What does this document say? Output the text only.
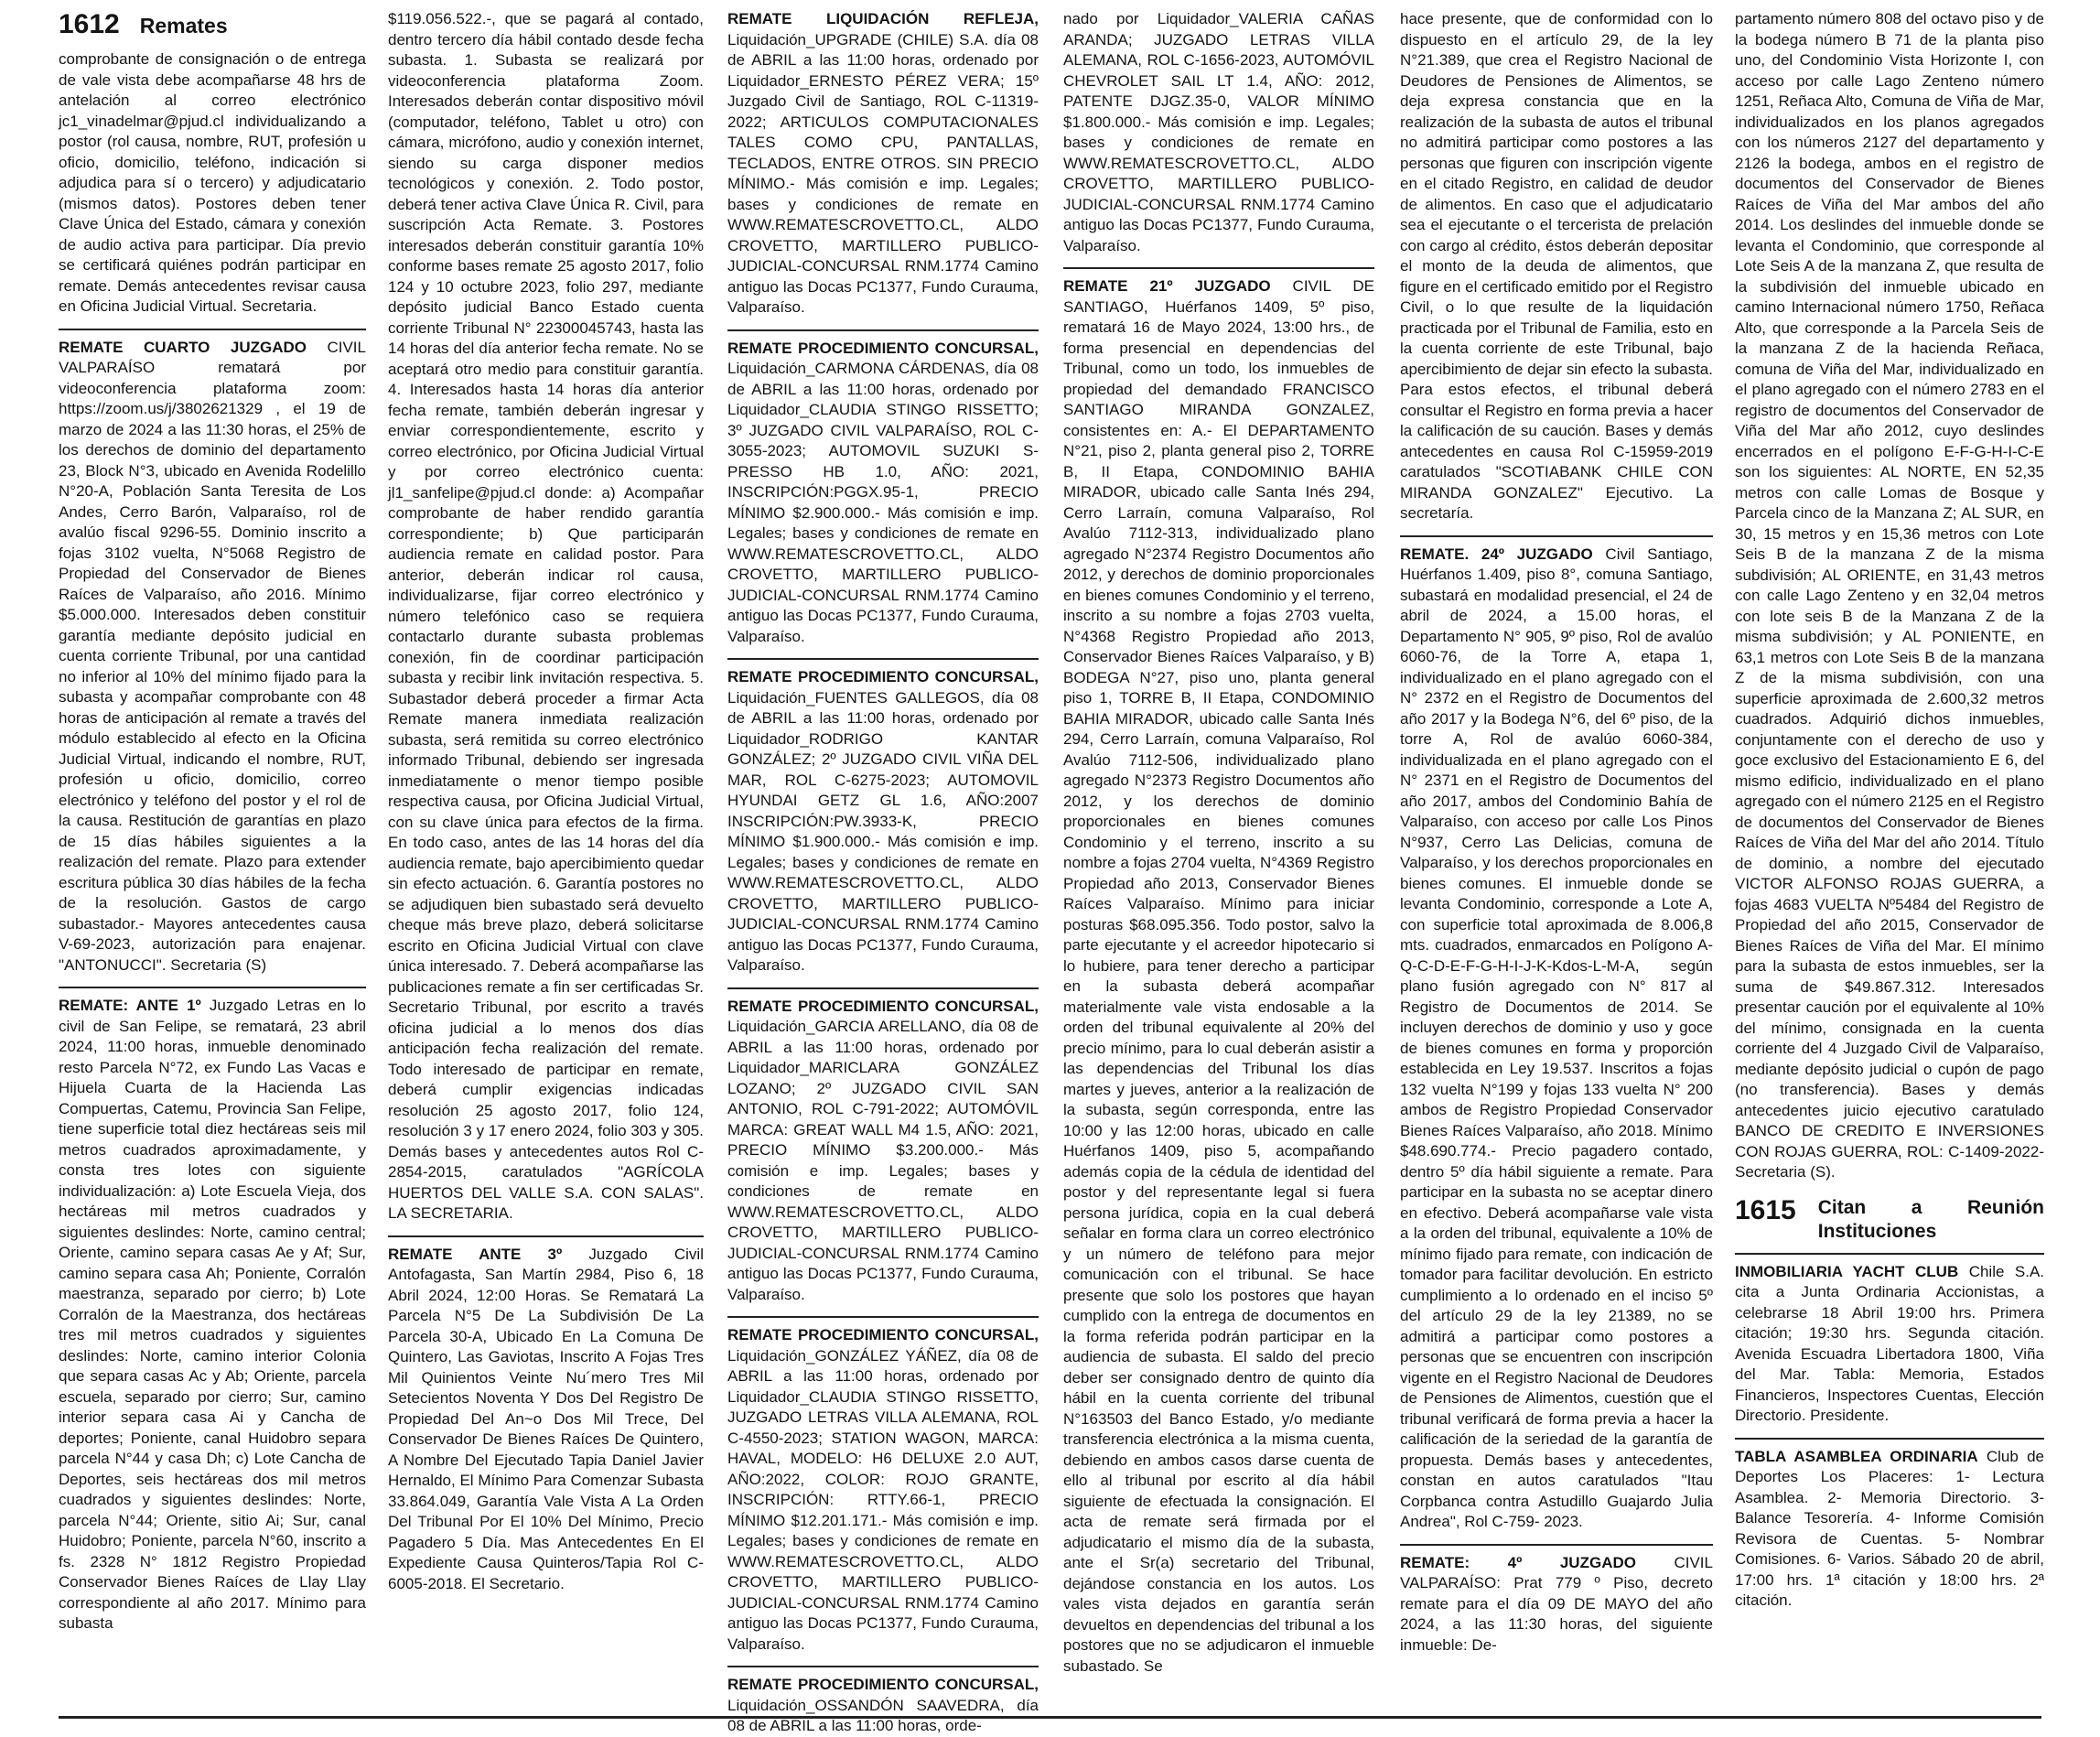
1612 Remates

comprobante de consignación o de entrega de vale vista debe acompañarse 48 hrs de antelación al correo electrónico jc1_vinadelmar@pjud.cl individualizando a postor (rol causa, nombre, RUT, profesión u oficio, domicilio, teléfono, indicación si adjudica para sí o tercero) y adjudicatario (mismos datos). Postores deben tener Clave Única del Estado, cámara y conexión de audio activa para participar. Día previo se certificará quiénes podrán participar en remate. Demás antecedentes revisar causa en Oficina Judicial Virtual. Secretaria.

REMATE CUARTO JUZGADO CIVIL VALPARAÍSO rematará por videoconferencia plataforma zoom: https://zoom.us/j/3802621329 , el 19 de marzo de 2024 a las 11:30 horas, el 25% de los derechos de dominio del departamento 23, Block N°3, ubicado en Avenida Rodelillo N°20-A, Población Santa Teresita de Los Andes, Cerro Barón, Valparaíso, rol de avalúo fiscal 9296-55. Dominio inscrito a fojas 3102 vuelta, N°5068 Registro de Propiedad del Conservador de Bienes Raíces de Valparaíso, año 2016. Mínimo $5.000.000. Interesados deben constituir garantía mediante depósito judicial en cuenta corriente Tribunal, por una cantidad no inferior al 10% del mínimo fijado para la subasta y acompañar comprobante con 48 horas de anticipación al remate a través del módulo establecido al efecto en la Oficina Judicial Virtual, indicando el nombre, RUT, profesión u oficio, domicilio, correo electrónico y teléfono del postor y el rol de la causa. Restitución de garantías en plazo de 15 días hábiles siguientes a la realización del remate. Plazo para extender escritura pública 30 días hábiles de la fecha de la resolución. Gastos de cargo subastador.- Mayores antecedentes causa V-69-2023, autorización para enajenar. "ANTONUCCI". Secretaria (S)

REMATE: ANTE 1º Juzgado Letras en lo civil de San Felipe, se rematará, 23 abril 2024, 11:00 horas, inmueble denominado resto Parcela N°72, ex Fundo Las Vacas e Hijuela Cuarta de la Hacienda Las Compuertas, Catemu, Provincia San Felipe, tiene superficie total diez hectáreas seis mil metros cuadrados aproximadamente, y consta tres lotes con siguiente individualización: a) Lote Escuela Vieja, dos hectáreas mil metros cuadrados y siguientes deslindes: Norte, camino central; Oriente, camino separa casas Ae y Af; Sur, camino separa casa Ah; Poniente, Corralón maestranza, separado por cierro; b) Lote Corralón de la Maestranza, dos hectáreas tres mil metros cuadrados y siguientes deslindes: Norte, camino interior Colonia que separa casas Ac y Ab; Oriente, parcela escuela, separado por cierro; Sur, camino interior separa casa Ai y Cancha de deportes; Poniente, canal Huidobro separa parcela N°44 y casa Dh; c) Lote Cancha de Deportes, seis hectáreas dos mil metros cuadrados y siguientes deslindes: Norte, parcela N°44; Oriente, sitio Ai; Sur, canal Huidobro; Poniente, parcela N°60, inscrito a fs. 2328 N° 1812 Registro Propiedad Conservador Bienes Raíces de Llay Llay correspondiente al año 2017. Mínimo para subasta

$119.056.522.-, que se pagará al contado, dentro tercero día hábil contado desde fecha subasta. 1. Subasta se realizará por videoconferencia plataforma Zoom. Interesados deberán contar dispositivo móvil (computador, teléfono, Tablet u otro) con cámara, micrófono, audio y conexión internet, siendo su carga disponer medios tecnológicos y conexión. 2. Todo postor, deberá tener activa Clave Única R. Civil, para suscripción Acta Remate. 3. Postores interesados deberán constituir garantía 10% conforme bases remate 25 agosto 2017, folio 124 y 10 octubre 2023, folio 297, mediante depósito judicial Banco Estado cuenta corriente Tribunal N° 22300045743, hasta las 14 horas del día anterior fecha remate. No se aceptará otro medio para constituir garantía. 4. Interesados hasta 14 horas día anterior fecha remate, también deberán ingresar y enviar correspondientemente, escrito y correo electrónico, por Oficina Judicial Virtual y por correo electrónico cuenta: jl1_sanfelipe@pjud.cl donde: a) Acompañar comprobante de haber rendido garantía correspondiente; b) Que participarán audiencia remate en calidad postor. Para anterior, deberán indicar rol causa, individualizarse, fijar correo electrónico y número telefónico caso se requiera contactarlo durante subasta problemas conexión, fin de coordinar participación subasta y recibir link invitación respectiva. 5. Subastador deberá proceder a firmar Acta Remate manera inmediata realización subasta, será remitida su correo electrónico informado Tribunal, debiendo ser ingresada inmediatamente o menor tiempo posible respectiva causa, por Oficina Judicial Virtual, con su clave única para efectos de la firma. En todo caso, antes de las 14 horas del día audiencia remate, bajo apercibimiento quedar sin efecto actuación. 6. Garantía postores no se adjudiquen bien subastado será devuelto cheque más breve plazo, deberá solicitarse escrito en Oficina Judicial Virtual con clave única interesado. 7. Deberá acompañarse las publicaciones remate a fin ser certificadas Sr. Secretario Tribunal, por escrito a través oficina judicial a lo menos dos días anticipación fecha realización del remate. Todo interesado de participar en remate, deberá cumplir exigencias indicadas resolución 25 agosto 2017, folio 124, resolución 3 y 17 enero 2024, folio 303 y 305. Demás bases y antecedentes autos Rol C-2854-2015, caratulados "AGRÍCOLA HUERTOS DEL VALLE S.A. CON SALAS". LA SECRETARIA.

REMATE ANTE 3º Juzgado Civil Antofagasta, San Martín 2984, Piso 6, 18 Abril 2024, 12:00 Horas. Se Rematará La Parcela N°5 De La Subdivisión De La Parcela 30-A, Ubicado En La Comuna De Quintero, Las Gaviotas, Inscrito A Fojas Tres Mil Quinientos Veinte Nu´mero Tres Mil Setecientos Noventa Y Dos Del Registro De Propiedad Del An~o Dos Mil Trece, Del Conservador De Bienes Raíces De Quintero, A Nombre Del Ejecutado Tapia Daniel Javier Hernaldo, El Mínimo Para Comenzar Subasta 33.864.049, Garantía Vale Vista A La Orden Del Tribunal Por El 10% Del Mínimo, Precio Pagadero 5 Día. Mas Antecedentes En El Expediente Causa Quinteros/Tapia Rol C-6005-2018. El Secretario.

REMATE LIQUIDACIÓN REFLEJA, Liquidación_UPGRADE (CHILE) S.A. día 08 de ABRIL a las 11:00 horas, ordenado por Liquidador_ERNESTO PÉREZ VERA; 15º Juzgado Civil de Santiago, ROL C-11319-2022; ARTICULOS COMPUTACIONALES TALES COMO CPU, PANTALLAS, TECLADOS, ENTRE OTROS. SIN PRECIO MÍNIMO.- Más comisión e imp. Legales; bases y condiciones de remate en WWW.REMATESCROVETTO.CL, ALDO CROVETTO, MARTILLERO PUBLICO-JUDICIAL-CONCURSAL RNM.1774 Camino antiguo las Docas PC1377, Fundo Curauma, Valparaíso.

REMATE PROCEDIMIENTO CONCURSAL, Liquidación_CARMONA CÁRDENAS, día 08 de ABRIL a las 11:00 horas, ordenado por Liquidador_CLAUDIA STINGO RISSETTO; 3º JUZGADO CIVIL VALPARAÍSO, ROL C-3055-2023; AUTOMOVIL SUZUKI S-PRESSO HB 1.0, AÑO: 2021, INSCRIPCIÓN:PGGX.95-1, PRECIO MÍNIMO $2.900.000.- Más comisión e imp. Legales; bases y condiciones de remate en WWW.REMATESCROVETTO.CL, ALDO CROVETTO, MARTILLERO PUBLICO-JUDICIAL-CONCURSAL RNM.1774 Camino antiguo las Docas PC1377, Fundo Curauma, Valparaíso.

REMATE PROCEDIMIENTO CONCURSAL, Liquidación_FUENTES GALLEGOS, día 08 de ABRIL a las 11:00 horas, ordenado por Liquidador_RODRIGO KANTAR GONZÁLEZ; 2º JUZGADO CIVIL VIÑA DEL MAR, ROL C-6275-2023; AUTOMOVIL HYUNDAI GETZ GL 1.6, AÑO:2007 INSCRIPCIÓN:PW.3933-K, PRECIO MÍNIMO $1.900.000.- Más comisión e imp. Legales; bases y condiciones de remate en WWW.REMATESCROVETTO.CL, ALDO CROVETTO, MARTILLERO PUBLICO-JUDICIAL-CONCURSAL RNM.1774 Camino antiguo las Docas PC1377, Fundo Curauma, Valparaíso.

REMATE PROCEDIMIENTO CONCURSAL, Liquidación_GARCIA ARELLANO, día 08 de ABRIL a las 11:00 horas, ordenado por Liquidador_MARICLARA GONZÁLEZ LOZANO; 2º JUZGADO CIVIL SAN ANTONIO, ROL C-791-2022; AUTOMÓVIL MARCA: GREAT WALL M4 1.5, AÑO: 2021, PRECIO MÍNIMO $3.200.000.- Más comisión e imp. Legales; bases y condiciones de remate en WWW.REMATESCROVETTO.CL, ALDO CROVETTO, MARTILLERO PUBLICO-JUDICIAL-CONCURSAL RNM.1774 Camino antiguo las Docas PC1377, Fundo Curauma, Valparaíso.

REMATE PROCEDIMIENTO CONCURSAL, Liquidación_GONZÁLEZ YÁÑEZ, día 08 de ABRIL a las 11:00 horas, ordenado por Liquidador_CLAUDIA STINGO RISSETTO, JUZGADO LETRAS VILLA ALEMANA, ROL C-4550-2023; STATION WAGON, MARCA: HAVAL, MODELO: H6 DELUXE 2.0 AUT, AÑO:2022, COLOR: ROJO GRANTE, INSCRIPCIÓN: RTTY.66-1, PRECIO MÍNIMO $12.201.171.- Más comisión e imp. Legales; bases y condiciones de remate en WWW.REMATESCROVETTO.CL, ALDO CROVETTO, MARTILLERO PUBLICO-JUDICIAL-CONCURSAL RNM.1774 Camino antiguo las Docas PC1377, Fundo Curauma, Valparaíso.

REMATE PROCEDIMIENTO CONCURSAL, Liquidación_OSSANDÓN SAAVEDRA, día 08 de ABRIL a las 11:00 horas, orde-

nado por Liquidador_VALERIA CAÑAS ARANDA; JUZGADO LETRAS VILLA ALEMANA, ROL C-1656-2023, AUTOMÓVIL CHEVROLET SAIL LT 1.4, AÑO: 2012, PATENTE DJGZ.35-0, VALOR MÍNIMO $1.800.000.- Más comisión e imp. Legales; bases y condiciones de remate en WWW.REMATESCROVETTO.CL, ALDO CROVETTO, MARTILLERO PUBLICO-JUDICIAL-CONCURSAL RNM.1774 Camino antiguo las Docas PC1377, Fundo Curauma, Valparaíso.

REMATE 21º JUZGADO CIVIL DE SANTIAGO, Huérfanos 1409, 5º piso, rematará 16 de Mayo 2024, 13:00 hrs., de forma presencial en dependencias del Tribunal, como un todo, los inmuebles de propiedad del demandado FRANCISCO SANTIAGO MIRANDA GONZALEZ, consistentes en: A.- El DEPARTAMENTO N°21, piso 2, planta general piso 2, TORRE B, II Etapa, CONDOMINIO BAHIA MIRADOR, ubicado calle Santa Inés 294, Cerro Larraín, comuna Valparaíso, Rol Avalúo 7112-313, individualizado plano agregado N°2374 Registro Documentos año 2012, y derechos de dominio proporcionales en bienes comunes Condominio y el terreno, inscrito a su nombre a fojas 2703 vuelta, N°4368 Registro Propiedad año 2013, Conservador Bienes Raíces Valparaíso, y B) BODEGA N°27, piso uno, planta general piso 1, TORRE B, II Etapa, CONDOMINIO BAHIA MIRADOR, ubicado calle Santa Inés 294, Cerro Larraín, comuna Valparaíso, Rol Avalúo 7112-506, individualizado plano agregado N°2373 Registro Documentos año 2012, y los derechos de dominio proporcionales en bienes comunes Condominio y el terreno, inscrito a su nombre a fojas 2704 vuelta, N°4369 Registro Propiedad año 2013, Conservador Bienes Raíces Valparaíso. Mínimo para iniciar posturas $68.095.356. Todo postor, salvo la parte ejecutante y el acreedor hipotecario si lo hubiere, para tener derecho a participar en la subasta deberá acompañar materialmente vale vista endosable a la orden del tribunal equivalente al 20% del precio mínimo, para lo cual deberán asistir a las dependencias del Tribunal los días martes y jueves, anterior a la realización de la subasta, según corresponda, entre las 10:00 y las 12:00 horas, ubicado en calle Huérfanos 1409, piso 5, acompañando además copia de la cédula de identidad del postor y del representante legal si fuera persona jurídica, copia en la cual deberá señalar en forma clara un correo electrónico y un número de teléfono para mejor comunicación con el tribunal. Se hace presente que solo los postores que hayan cumplido con la entrega de documentos en la forma referida podrán participar en la audiencia de subasta. El saldo del precio deber ser consignado dentro de quinto día hábil en la cuenta corriente del tribunal N°163503 del Banco Estado, y/o mediante transferencia electrónica a la misma cuenta, debiendo en ambos casos darse cuenta de ello al tribunal por escrito al día hábil siguiente de efectuada la consignación. El acta de remate será firmada por el adjudicatario el mismo día de la subasta, ante el Sr(a) secretario del Tribunal, dejándose constancia en los autos. Los vales vista dejados en garantía serán devueltos en dependencias del tribunal a los postores que no se adjudicaron el inmueble subastado. Se

hace presente, que de conformidad con lo dispuesto en el artículo 29, de la ley N°21.389, que crea el Registro Nacional de Deudores de Pensiones de Alimentos, se deja expresa constancia que en la realización de la subasta de autos el tribunal no admitirá participar como postores a las personas que figuren con inscripción vigente en el citado Registro, en calidad de deudor de alimentos. En caso que el adjudicatario sea el ejecutante o el tercerista de prelación con cargo al crédito, éstos deberán depositar el monto de la deuda de alimentos, que figure en el certificado emitido por el Registro Civil, o lo que resulte de la liquidación practicada por el Tribunal de Familia, esto en la cuenta corriente de este Tribunal, bajo apercibimiento de dejar sin efecto la subasta. Para estos efectos, el tribunal deberá consultar el Registro en forma previa a hacer la calificación de su caución. Bases y demás antecedentes en causa Rol C-15959-2019 caratulados "SCOTIABANK CHILE CON MIRANDA GONZALEZ" Ejecutivo. La secretaría.

REMATE. 24º JUZGADO Civil Santiago, Huérfanos 1.409, piso 8°, comuna Santiago, subastará en modalidad presencial, el 24 de abril de 2024, a 15.00 horas, el Departamento N° 905, 9º piso, Rol de avalúo 6060-76, de la Torre A, etapa 1, individualizado en el plano agregado con el N° 2372 en el Registro de Documentos del año 2017 y la Bodega N°6, del 6º piso, de la torre A, Rol de avalúo 6060-384, individualizada en el plano agregado con el N° 2371 en el Registro de Documentos del año 2017, ambos del Condominio Bahía de Valparaíso, con acceso por calle Los Pinos N°937, Cerro Las Delicias, comuna de Valparaíso, y los derechos proporcionales en bienes comunes. El inmueble donde se levanta Condominio, corresponde a Lote A, con superficie total aproximada de 8.006,8 mts. cuadrados, enmarcados en Polígono A-Q-C-D-E-F-G-H-I-J-K-Kdos-L-M-A, según plano fusión agregado con N° 817 al Registro de Documentos de 2014. Se incluyen derechos de dominio y uso y goce de bienes comunes en forma y proporción establecida en Ley 19.537. Inscritos a fojas 132 vuelta N°199 y fojas 133 vuelta N° 200 ambos de Registro Propiedad Conservador Bienes Raíces Valparaíso, año 2018. Mínimo $48.690.774.- Precio pagadero contado, dentro 5º día hábil siguiente a remate. Para participar en la subasta no se aceptar dinero en efectivo. Deberá acompañarse vale vista a la orden del tribunal, equivalente a 10% de mínimo fijado para remate, con indicación de tomador para facilitar devolución. En estricto cumplimiento a lo ordenado en el inciso 5º del artículo 29 de la ley 21389, no se admitirá a participar como postores a personas que se encuentren con inscripción vigente en el Registro Nacional de Deudores de Pensiones de Alimentos, cuestión que el tribunal verificará de forma previa a hacer la calificación de la seriedad de la garantía de propuesta. Demás bases y antecedentes, constan en autos caratulados "Itau Corpbanca contra Astudillo Guajardo Julia Andrea", Rol C-759- 2023.

REMATE: 4º JUZGADO CIVIL VALPARAÍSO: Prat 779 º Piso, decreto remate para el día 09 DE MAYO del año 2024, a las 11:30 horas, del siguiente inmueble: De-

partamento número 808 del octavo piso y de la bodega número B 71 de la planta piso uno, del Condominio Vista Horizonte I, con acceso por calle Lago Zenteno número 1251, Reñaca Alto, Comuna de Viña de Mar, individualizados en los planos agregados con los números 2127 del departamento y 2126 la bodega, ambos en el registro de documentos del Conservador de Bienes Raíces de Viña del Mar ambos del año 2014. Los deslindes del inmueble donde se levanta el Condominio, que corresponde al Lote Seis A de la manzana Z, que resulta de la subdivisión del inmueble ubicado en camino Internacional número 1750, Reñaca Alto, que corresponde a la Parcela Seis de la manzana Z de la hacienda Reñaca, comuna de Viña del Mar, individualizado en el plano agregado con el número 2783 en el registro de documentos del Conservador de Viña del Mar año 2012, cuyo deslindes encerrados en el polígono E-F-G-H-I-C-E son los siguientes: AL NORTE, EN 52,35 metros con calle Lomas de Bosque y Parcela cinco de la Manzana Z; AL SUR, en 30, 15 metros y en 15,36 metros con Lote Seis B de la manzana Z de la misma subdivisión; AL ORIENTE, en 31,43 metros con calle Lago Zenteno y en 32,04 metros con lote seis B de la Manzana Z de la misma subdivisión; y AL PONIENTE, en 63,1 metros con Lote Seis B de la manzana Z de la misma subdivisión, con una superficie aproximada de 2.600,32 metros cuadrados. Adquirió dichos inmuebles, conjuntamente con el derecho de uso y goce exclusivo del Estacionamiento E 6, del mismo edificio, individualizado en el plano agregado con el número 2125 en el Registro de documentos del Conservador de Bienes Raíces de Viña del Mar del año 2014. Título de dominio, a nombre del ejecutado VICTOR ALFONSO ROJAS GUERRA, a fojas 4683 VUELTA Nº5484 del Registro de Propiedad del año 2015, Conservador de Bienes Raíces de Viña del Mar. El mínimo para la subasta de estos inmuebles, ser la suma de $49.867.312. Interesados presentar caución por el equivalente al 10% del mínimo, consignada en la cuenta corriente del 4 Juzgado Civil de Valparaíso, mediante depósito judicial o cupón de pago (no transferencia). Bases y demás antecedentes juicio ejecutivo caratulado BANCO DE CREDITO E INVERSIONES CON ROJAS GUERRA, ROL: C-1409-2022- Secretaria (S).

1615 Citan a Reunión Instituciones

INMOBILIARIA YACHT CLUB Chile S.A. cita a Junta Ordinaria Accionistas, a celebrarse 18 Abril 19:00 hrs. Primera citación; 19:30 hrs. Segunda citación. Avenida Escuadra Libertadora 1800, Viña del Mar. Tabla: Memoria, Estados Financieros, Inspectores Cuentas, Elección Directorio. Presidente.

TABLA ASAMBLEA ORDINARIA Club de Deportes Los Placeres: 1- Lectura Asamblea. 2- Memoria Directorio. 3- Balance Tesorería. 4- Informe Comisión Revisora de Cuentas. 5- Nombrar Comisiones. 6- Varios. Sábado 20 de abril, 17:00 hrs. 1ª citación y 18:00 hrs. 2ª citación.
